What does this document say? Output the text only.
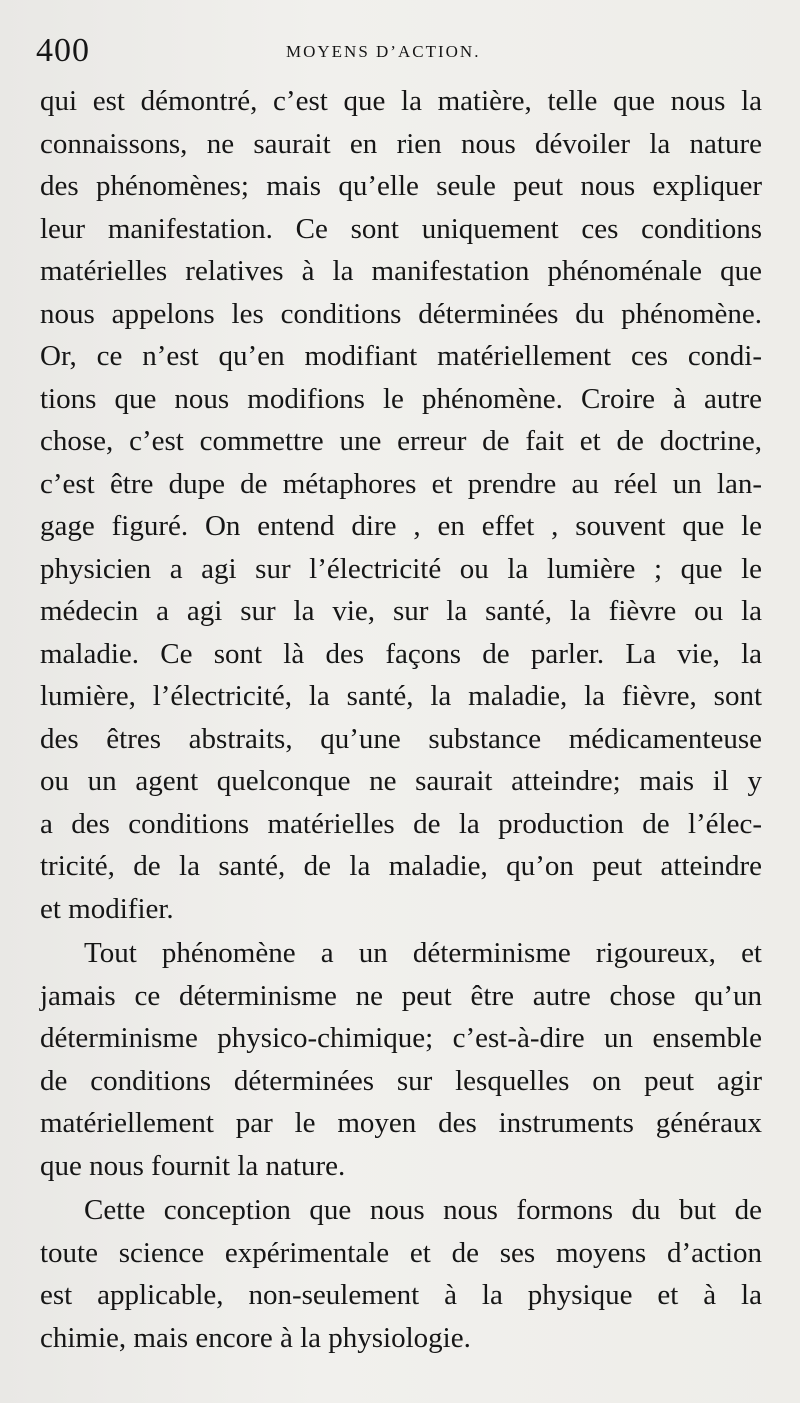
400	MOYENS D’ACTION.
qui est démontré, c’est que la matière, telle que nous la
connaissons, ne saurait en rien nous dévoiler la nature
des phénomènes; mais qu’elle seule peut nous expliquer
leur manifestation. Ce sont uniquement ces conditions
matérielles relatives à la manifestation phénoménale que
nous appelons les conditions déterminées du phénomène.
Or, ce n’est qu’en modifiant matériellement ces condi-
tions que nous modifions le phénomène. Croire à autre
chose, c’est commettre une erreur de fait et de doctrine,
c’est être dupe de métaphores et prendre au réel un lan-
gage figuré. On entend dire , en effet , souvent que le
physicien a agi sur l’électricité ou la lumière ; que le
médecin a agi sur la vie, sur la santé, la fièvre ou la
maladie. Ce sont là des façons de parler. La vie, la
lumière, l’électricité, la santé, la maladie, la fièvre, sont
des êtres abstraits, qu’une substance médicamenteuse
ou un agent quelconque ne saurait atteindre; mais il y
a des conditions matérielles de la production de l’élec-
tricité, de la santé, de la maladie, qu’on peut atteindre
et modifier.
Tout phénomène a un déterminisme rigoureux, et
jamais ce déterminisme ne peut être autre chose qu’un
déterminisme physico-chimique; c’est-à-dire un ensemble
de conditions déterminées sur lesquelles on peut agir
matériellement par le moyen des instruments généraux
que nous fournit la nature.
Cette conception que nous nous formons du but de
toute science expérimentale et de ses moyens d’action
est applicable, non-seulement à la physique et à la
chimie, mais encore à la physiologie.
